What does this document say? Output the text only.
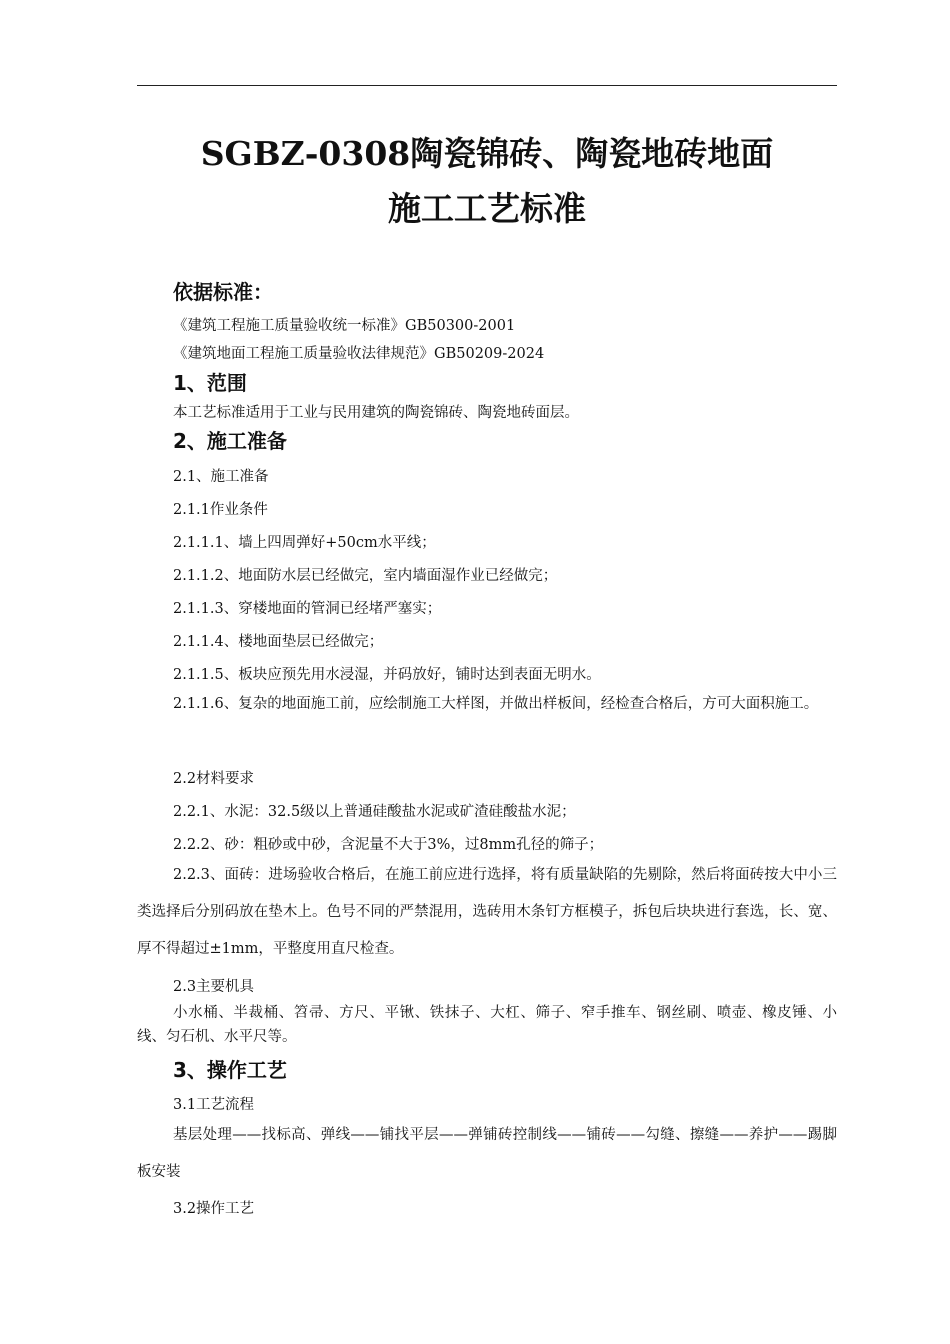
SGBZ-0308陶瓷锦砖、陶瓷地砖地面
施工工艺标准
依据标准：
《建筑工程施工质量验收统一标准》GB50300-2001
《建筑地面工程施工质量验收法律规范》GB50209-2024
1、范围
本工艺标准适用于工业与民用建筑的陶瓷锦砖、陶瓷地砖面层。
2、施工准备
2.1、施工准备
2.1.1作业条件
2.1.1.1、墙上四周弹好+50cm水平线；
2.1.1.2、地面防水层已经做完，室内墙面湿作业已经做完；
2.1.1.3、穿楼地面的管洞已经堵严塞实；
2.1.1.4、楼地面垫层已经做完；
2.1.1.5、板块应预先用水浸湿，并码放好，铺时达到表面无明水。
2.1.1.6、复杂的地面施工前，应绘制施工大样图，并做出样板间，经检查合格后，方可大面积施工。
2.2材料要求
2.2.1、水泥：32.5级以上普通硅酸盐水泥或矿渣硅酸盐水泥；
2.2.2、砂：粗砂或中砂，含泥量不大于3%，过8mm孔径的筛子；
2.2.3、面砖：进场验收合格后，在施工前应进行选择，将有质量缺陷的先剔除，然后将面砖按大中小三类选择后分别码放在垫木上。色号不同的严禁混用，选砖用木条钉方框模子，拆包后块块进行套选，长、宽、厚不得超过±1mm，平整度用直尺检查。
2.3主要机具
小水桶、半裁桶、笤帚、方尺、平锹、铁抹子、大杠、筛子、窄手推车、钢丝刷、喷壶、橡皮锤、小线、匀石机、水平尺等。
3、操作工艺
3.1工艺流程
基层处理——找标高、弹线——铺找平层——弹铺砖控制线——铺砖——勾缝、擦缝——养护——踢脚板安装
3.2操作工艺
